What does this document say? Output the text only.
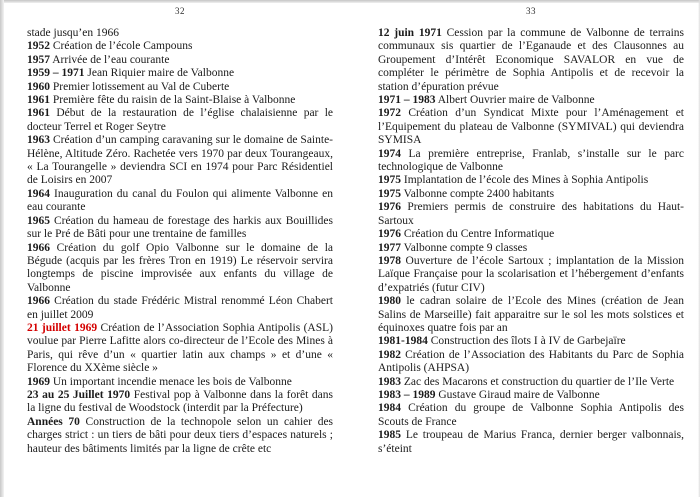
32

stade jusqu’en 1966

1952 Création de l’école Campouns

1957 Arrivée de l’eau courante

1959 – 1971 Jean Riquier maire de Valbonne

1960 Premier lotissement au Val de Cuberte

1961 Première fête du raisin de la Saint-Blaise à Valbonne

1961 Début de la restauration de l’église chalaisienne par le docteur Terrel et Roger Seytre

1963 Création d’un camping caravaning sur le domaine de Sainte-Hélène, Altitude Zéro. Rachetée vers 1970 par deux Tourangeaux, « La Tourangelle » deviendra SCI en 1974 pour Parc Résidentiel de Loisirs en 2007

1964 Inauguration du canal du Foulon qui alimente Valbonne en eau courante

1965 Création du hameau de forestage des harkis aux Bouillides sur le Pré de Bâti pour une trentaine de familles

1966 Création du golf Opio Valbonne sur le domaine de la Bégude (acquis par les frères Tron en 1919) Le réservoir servira longtemps de piscine improvisée aux enfants du village de Valbonne

1966 Création du stade Frédéric Mistral renommé Léon Chabert en juillet 2009

21 juillet 1969 Création de l’Association Sophia Antipolis (ASL) voulue par Pierre Lafitte alors co-directeur de l’Ecole des Mines à Paris, qui rêve d’un « quartier latin aux champs » et d’une « Florence du XXème siècle »

1969 Un important incendie menace les bois de Valbonne

23 au 25 Juillet 1970 Festival pop à Valbonne dans la forêt dans la ligne du festival de Woodstock (interdit par la Préfecture)

Années 70 Construction de la technopole selon un cahier des charges strict : un tiers de bâti pour deux tiers d’espaces naturels ; hauteur des bâtiments limités par la ligne de crête etc

33

12 juin 1971 Cession par la commune de Valbonne de terrains communaux sis quartier de l’Eganaude et des Clausonnes au Groupement d’Intérêt Economique SAVALOR en vue de compléter le périmètre de Sophia Antipolis et de recevoir la station d’épuration prévue

1971 – 1983 Albert Ouvrier maire de Valbonne

1972 Création d’un Syndicat Mixte pour l’Aménagement et l’Equipement du plateau de Valbonne (SYMIVAL) qui deviendra SYMISA

1974 La première entreprise, Franlab, s’installe sur le parc technologique de Valbonne

1975 Implantation de l’école des Mines à Sophia Antipolis

1975 Valbonne compte 2400 habitants

1976 Premiers permis de construire des habitations du Haut-Sartoux

1976 Création du Centre Informatique

1977 Valbonne compte 9 classes

1978 Ouverture de l’école Sartoux ; implantation de la Mission Laïque Française pour la scolarisation et l’hébergement d’enfants d’expatriés (futur CIV)

1980 le cadran solaire de l’Ecole des Mines (création de Jean Salins de Marseille) fait apparaitre sur le sol les mots solstices et équinoxes quatre fois par an

1981-1984 Construction des îlots I à IV de Garbejaïre

1982 Création de l’Association des Habitants du Parc de Sophia Antipolis (AHPSA)

1983 Zac des Macarons et construction du quartier de l’Ile Verte

1983 – 1989 Gustave Giraud maire de Valbonne

1984 Création du groupe de Valbonne Sophia Antipolis des Scouts de France

1985 Le troupeau de Marius Franca, dernier berger valbonnais, s’éteint
